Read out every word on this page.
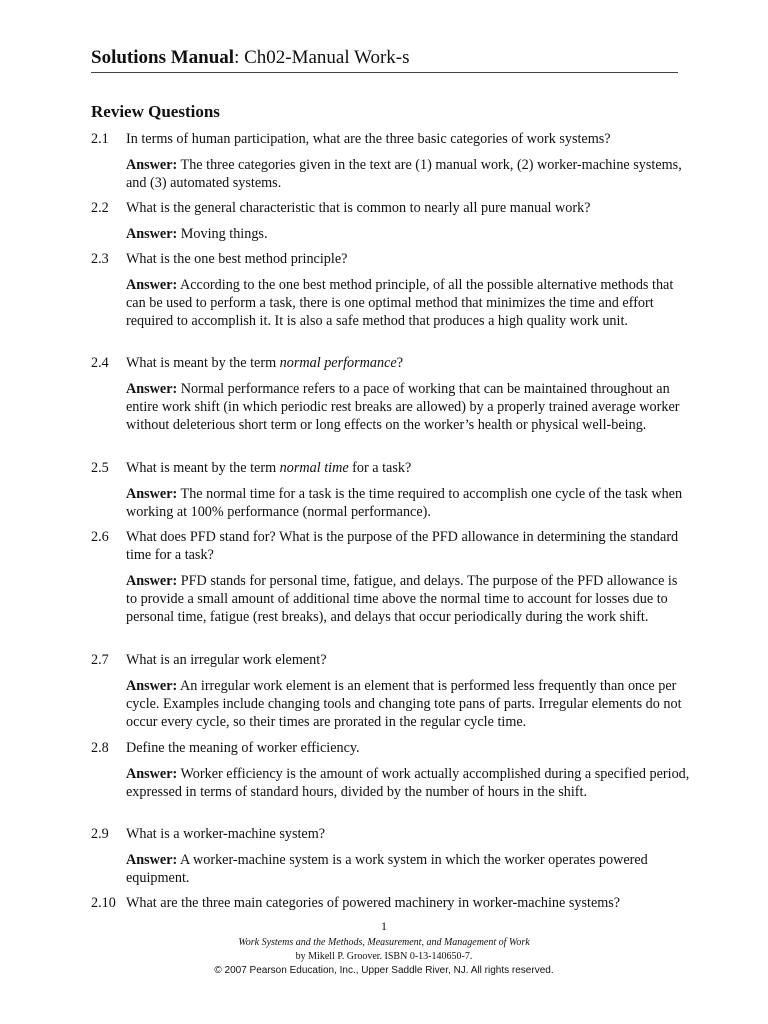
Solutions Manual: Ch02-Manual Work-s
Review Questions
2.1	In terms of human participation, what are the three basic categories of work systems?
Answer: The three categories given in the text are (1) manual work, (2) worker-machine systems, and (3) automated systems.
2.2	What is the general characteristic that is common to nearly all pure manual work?
Answer: Moving things.
2.3	What is the one best method principle?
Answer: According to the one best method principle, of all the possible alternative methods that can be used to perform a task, there is one optimal method that minimizes the time and effort required to accomplish it. It is also a safe method that produces a high quality work unit.
2.4	What is meant by the term normal performance?
Answer: Normal performance refers to a pace of working that can be maintained throughout an entire work shift (in which periodic rest breaks are allowed) by a properly trained average worker without deleterious short term or long effects on the worker’s health or physical well-being.
2.5	What is meant by the term normal time for a task?
Answer: The normal time for a task is the time required to accomplish one cycle of the task when working at 100% performance (normal performance).
2.6	What does PFD stand for? What is the purpose of the PFD allowance in determining the standard time for a task?
Answer: PFD stands for personal time, fatigue, and delays. The purpose of the PFD allowance is to provide a small amount of additional time above the normal time to account for losses due to personal time, fatigue (rest breaks), and delays that occur periodically during the work shift.
2.7	What is an irregular work element?
Answer: An irregular work element is an element that is performed less frequently than once per cycle. Examples include changing tools and changing tote pans of parts. Irregular elements do not occur every cycle, so their times are prorated in the regular cycle time.
2.8	Define the meaning of worker efficiency.
Answer: Worker efficiency is the amount of work actually accomplished during a specified period, expressed in terms of standard hours, divided by the number of hours in the shift.
2.9	What is a worker-machine system?
Answer: A worker-machine system is a work system in which the worker operates powered equipment.
2.10 What are the three main categories of powered machinery in worker-machine systems?
1
Work Systems and the Methods, Measurement, and Management of Work
by Mikell P. Groover. ISBN 0-13-140650-7.
© 2007 Pearson Education, Inc., Upper Saddle River, NJ. All rights reserved.
